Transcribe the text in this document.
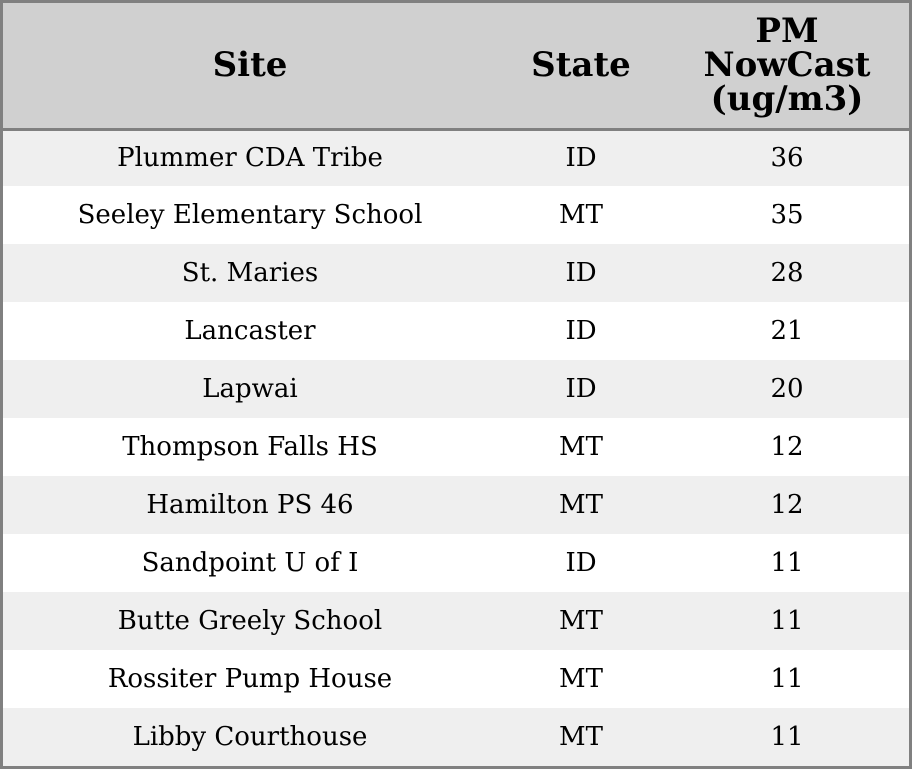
Site	State	PM
NowCast
(ug/m3)

Plummer CDA Tribe	ID	36
Seeley Elementary School	MT	35
St. Maries	ID	28
Lancaster	ID	21
Lapwai	ID	20
Thompson Falls HS	MT	12
Hamilton PS 46	MT	12
Sandpoint U of I	ID	11
Butte Greely School	MT	11
Rossiter Pump House	MT	11
Libby Courthouse	MT	11
